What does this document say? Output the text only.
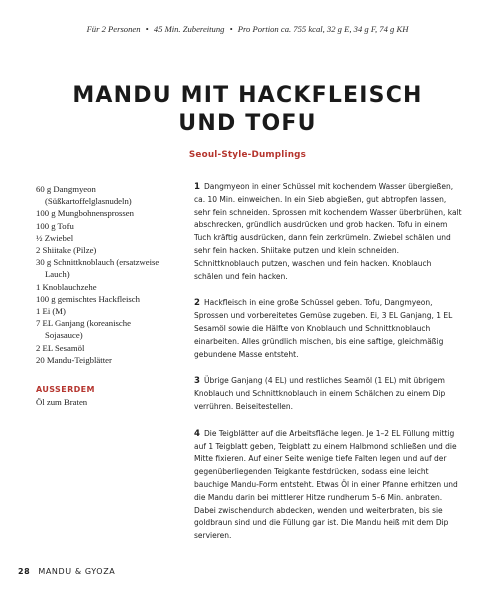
Für 2 Personen • 45 Min. Zubereitung • Pro Portion ca. 755 kcal, 32 g E, 34 g F, 74 g KH
MANDU MIT HACKFLEISCH
UND TOFU
Seoul-Style-Dumplings
60 g Dangmyeon (Süßkartoffelglasnudeln)
100 g Mungbohnensprossen
100 g Tofu
½ Zwiebel
2 Shiitake (Pilze)
30 g Schnittknoblauch (ersatzweise Lauch)
1 Knoblauchzehe
100 g gemischtes Hackfleisch
1 Ei (M)
7 EL Ganjang (koreanische Sojasauce)
2 EL Sesamöl
20 Mandu-Teigblätter
AUSSERDEM
Öl zum Braten

1 Dangmyeon in einer Schüssel mit kochendem Wasser übergießen, ca. 10 Min. einweichen. In ein Sieb abgießen, gut abtropfen lassen, sehr fein schneiden. Sprossen mit kochendem Wasser überbrühen, kalt abschrecken, gründlich ausdrücken und grob hacken. Tofu in einem Tuch kräftig ausdrücken, dann fein zerkrümeln. Zwiebel schälen und sehr fein hacken. Shiitake putzen und klein schneiden. Schnittknoblauch putzen, waschen und fein hacken. Knoblauch schälen und fein hacken.

2 Hackfleisch in eine große Schüssel geben. Tofu, Dangmyeon, Sprossen und vorbereitetes Gemüse zugeben. Ei, 3 EL Ganjang, 1 EL Sesamöl sowie die Hälfte von Knoblauch und Schnittknoblauch einarbeiten. Alles gründlich mischen, bis eine saftige, gleichmäßig gebundene Masse entsteht.

3 Übrige Ganjang (4 EL) und restliches Seamöl (1 EL) mit übrigem Knoblauch und Schnittknoblauch in einem Schälchen zu einem Dip verrühren. Beiseitestellen.

4 Die Teigblätter auf die Arbeitsfläche legen. Je 1–2 EL Füllung mittig auf 1 Teigblatt geben, Teigblatt zu einem Halbmond schließen und die Mitte fixieren. Auf einer Seite wenige tiefe Falten legen und auf der gegenüberliegenden Teigkante festdrücken, sodass eine leicht bauchige Mandu-Form entsteht. Etwas Öl in einer Pfanne erhitzen und die Mandu darin bei mittlerer Hitze rundherum 5–6 Min. anbraten. Dabei zwischendurch abdecken, wenden und weiterbraten, bis sie goldbraun sind und die Füllung gar ist. Die Mandu heiß mit dem Dip servieren.

28 MANDU & GYOZA
